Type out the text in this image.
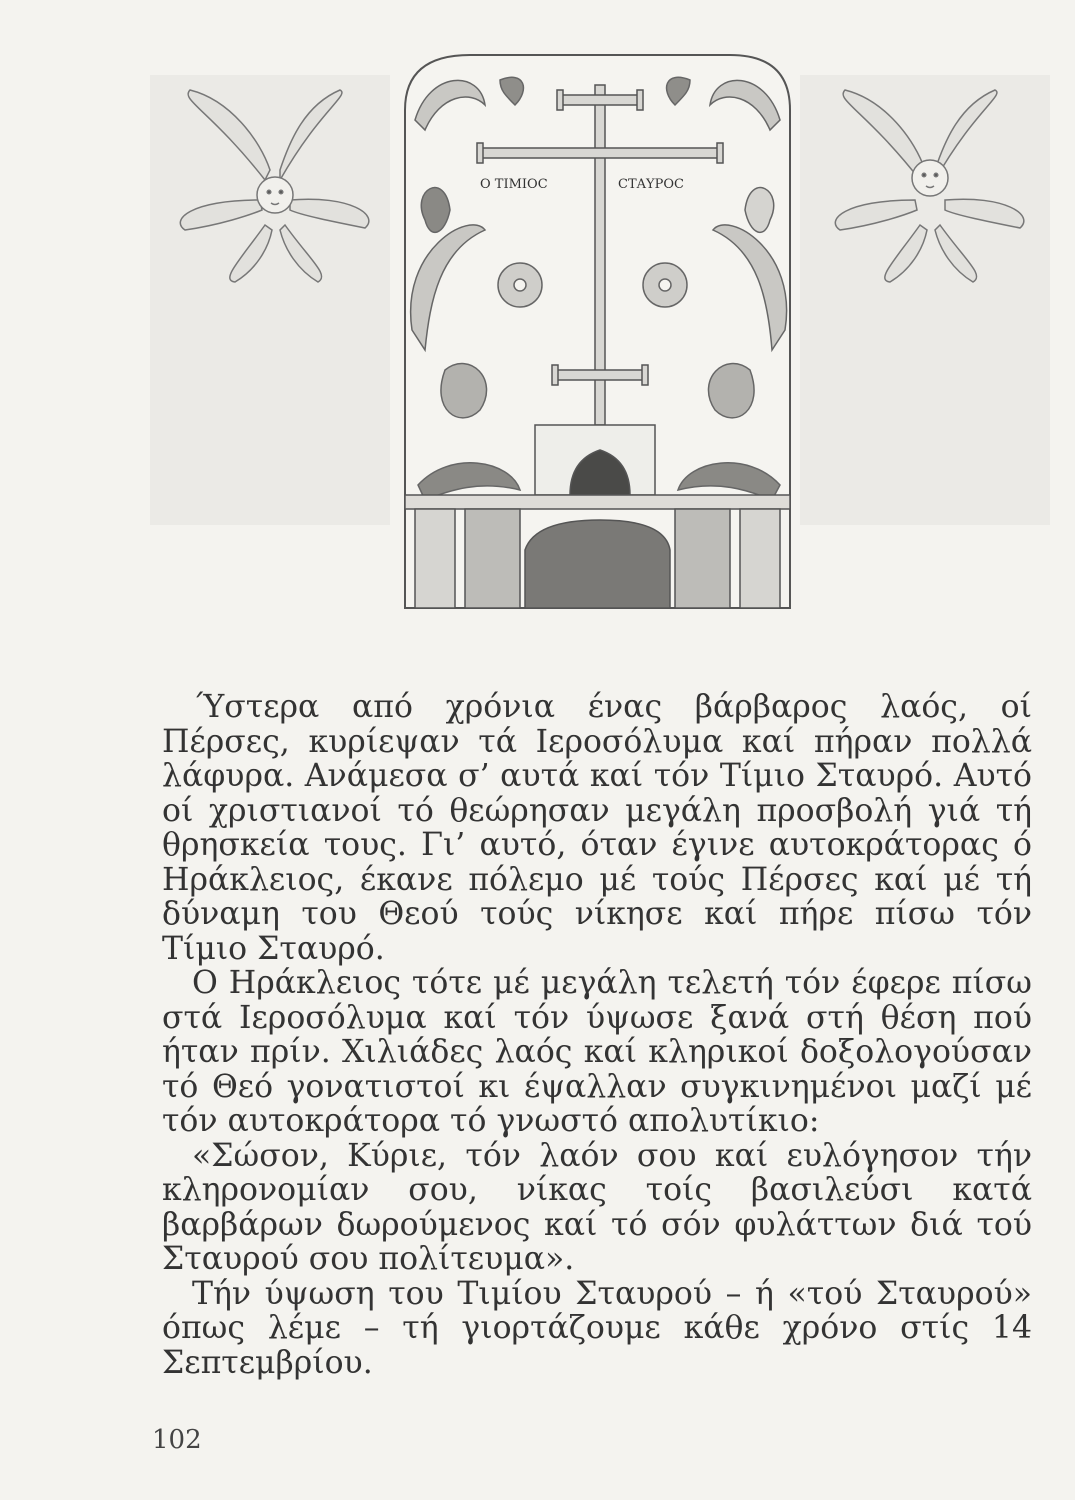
Ο ΤΙΜΙΟC	CΤΑΥΡΟC

Ύστερα από χρόνια ένας βάρβαρος λαός, οί Πέρσες, κυρίεψαν τά Ιεροσόλυμα καί πήραν πολλά λάφυρα. Ανάμεσα σ’ αυτά καί τόν Τίμιο Σταυρό. Αυτό οί χριστιανοί τό θεώρησαν μεγάλη προσβολή γιά τή θρησκεία τους. Γι’ αυτό, όταν έγινε αυτοκράτορας ό Ηράκλειος, έκανε πόλεμο μέ τούς Πέρσες καί μέ τή δύναμη του Θεού τούς νίκησε καί πήρε πίσω τόν Τίμιο Σταυρό.

Ο Ηράκλειος τότε μέ μεγάλη τελετή τόν έφερε πίσω στά Ιεροσόλυμα καί τόν ύψωσε ξανά στή θέση πού ήταν πρίν. Χιλιάδες λαός καί κληρικοί δοξολογούσαν τό Θεό γονατιστοί κι έψαλλαν συγκινημένοι μαζί μέ τόν αυτοκράτορα τό γνωστό απολυτίκιο:

«Σώσον, Κύριε, τόν λαόν σου καί ευλόγησον τήν κληρονομίαν σου, νίκας τοίς βασιλεύσι κατά βαρβάρων δωρούμενος καί τό σόν φυλάττων διά τού Σταυρού σου πολίτευμα».

Τήν ύψωση του Τιμίου Σταυρού – ή «τού Σταυρού» όπως λέμε – τή γιορτάζουμε κάθε χρόνο στίς 14 Σεπτεμβρίου.

102
